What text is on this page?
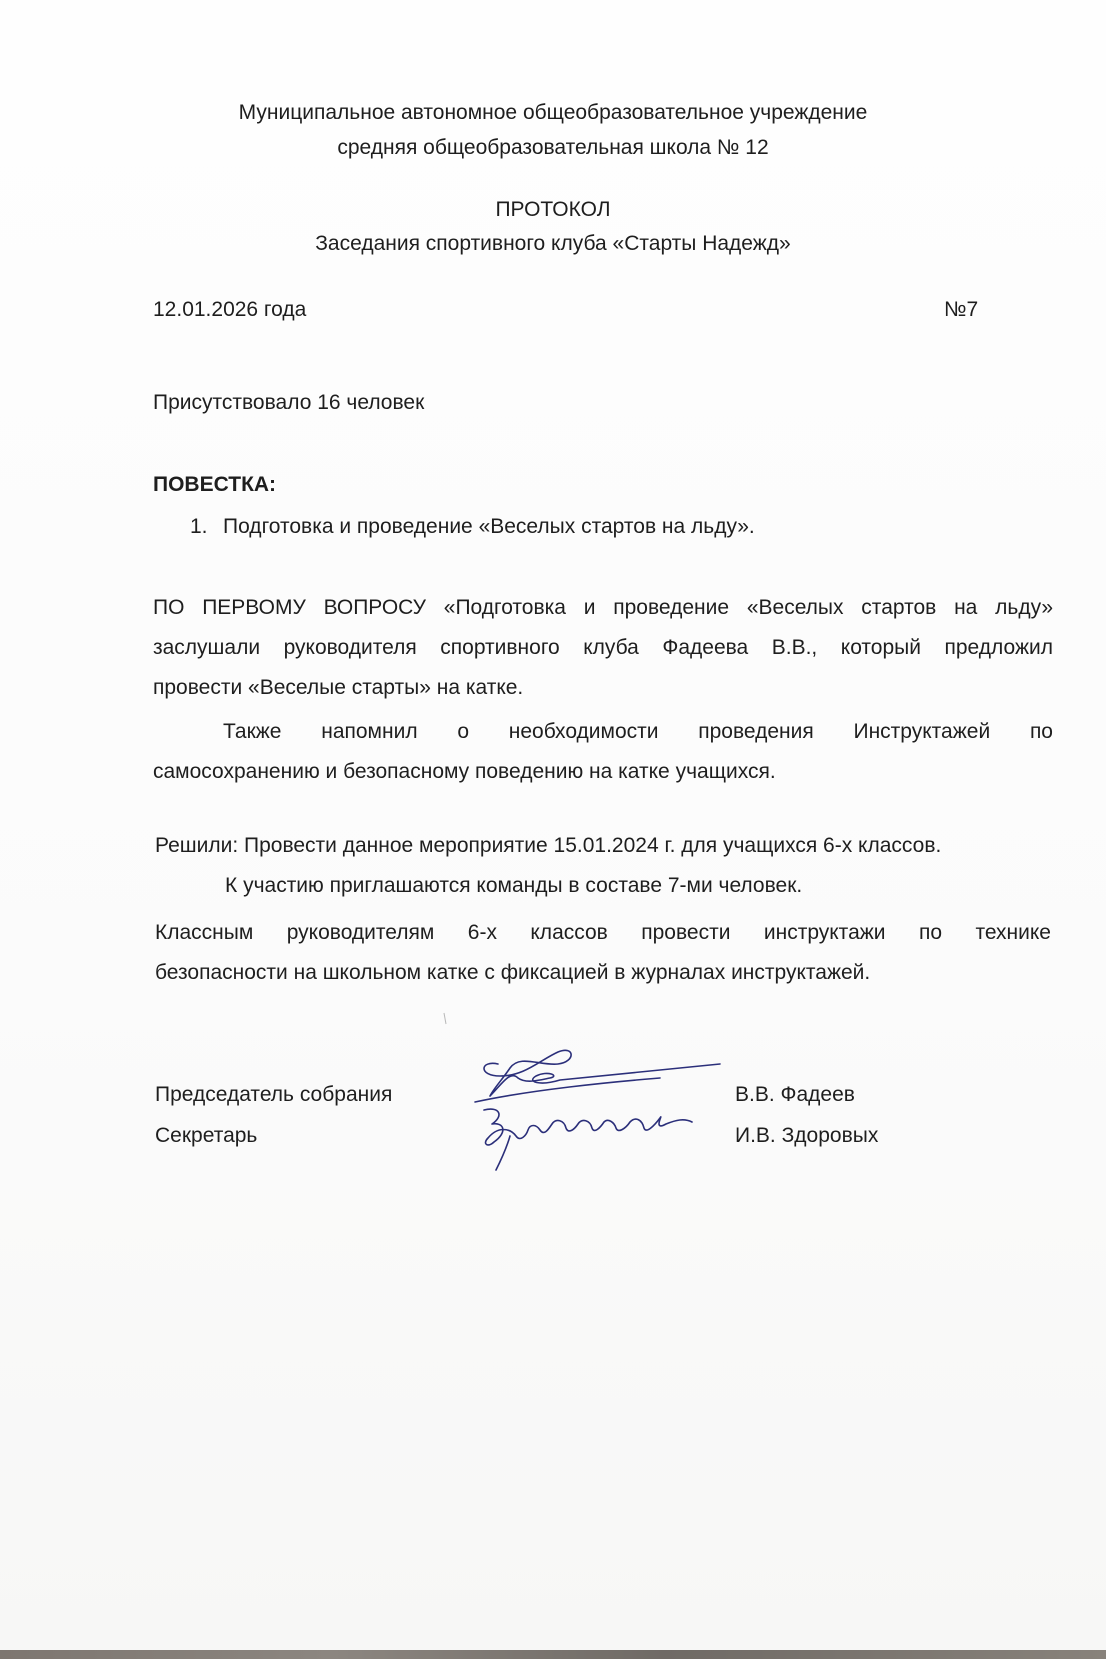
Муниципальное автономное общеобразовательное учреждение
средняя общеобразовательная школа № 12
ПРОТОКОЛ
Заседания спортивного клуба «Старты Надежд»
12.01.2026 года	№7
Присутствовало 16 человек
ПОВЕСТКА:
1. Подготовка и проведение «Веселых стартов на льду».
ПО ПЕРВОМУ ВОПРОСУ «Подготовка и проведение «Веселых стартов на льду»
заслушали руководителя спортивного клуба Фадеева В.В., который предложил
провести «Веселые старты» на катке.
Также напомнил о необходимости проведения Инструктажей по
самосохранению и безопасному поведению на катке учащихся.
Решили: Провести данное мероприятие 15.01.2024 г. для учащихся 6-х классов.
К участию приглашаются команды в составе 7-ми человек.
Классным руководителям 6-х классов провести инструктажи по технике
безопасности на школьном катке с фиксацией в журналах инструктажей.
Председатель собрания
Секретарь
В.В. Фадеев
И.В. Здоровых
